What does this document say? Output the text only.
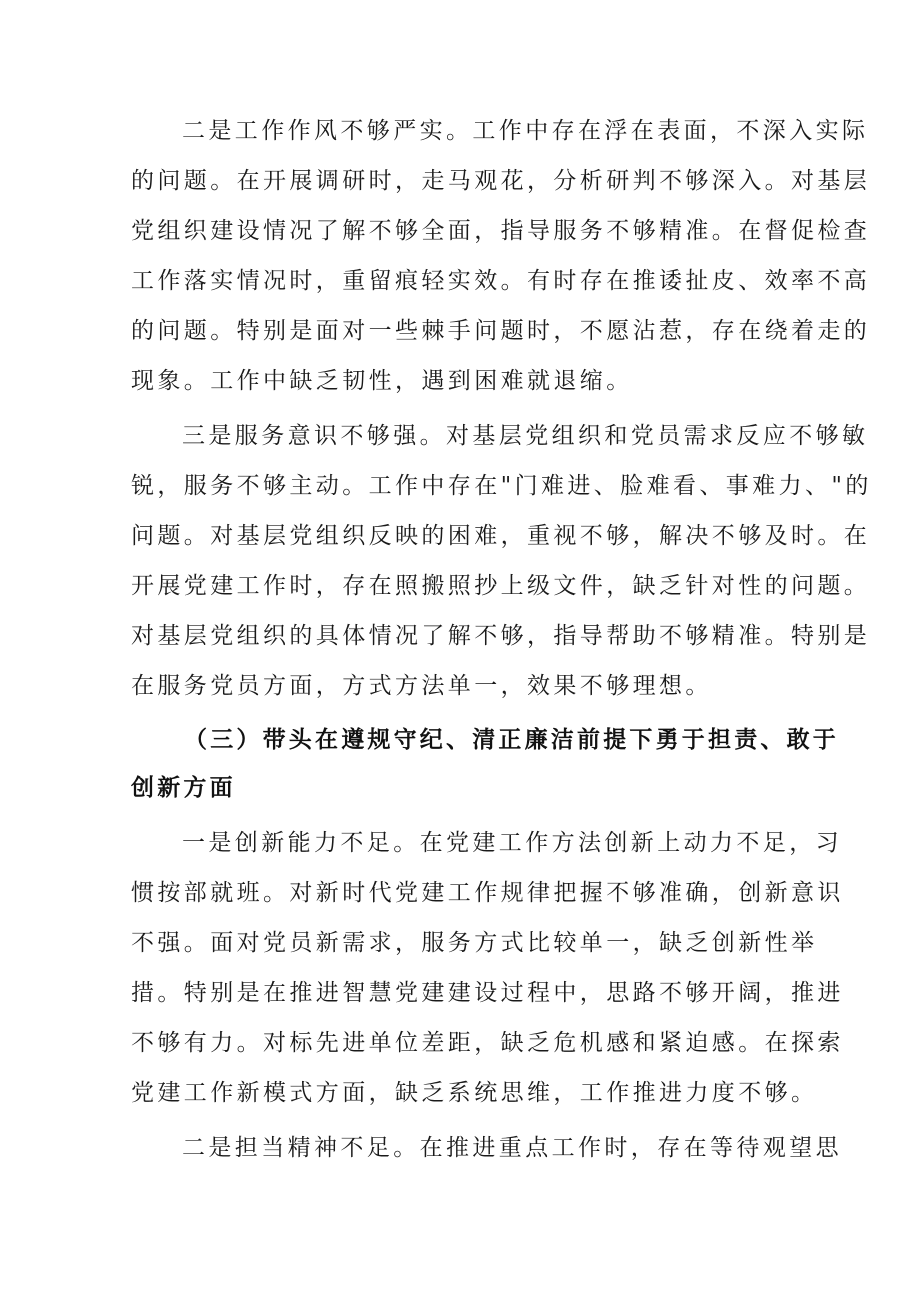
二是工作作风不够严实。工作中存在浮在表面，不深入实际
的问题。在开展调研时，走马观花，分析研判不够深入。对基层
党组织建设情况了解不够全面，指导服务不够精准。在督促检查
工作落实情况时，重留痕轻实效。有时存在推诿扯皮、效率不高
的问题。特别是面对一些棘手问题时，不愿沾惹，存在绕着走的
现象。工作中缺乏韧性，遇到困难就退缩。
三是服务意识不够强。对基层党组织和党员需求反应不够敏
锐，服务不够主动。工作中存在"门难进、脸难看、事难力、"的
问题。对基层党组织反映的困难，重视不够，解决不够及时。在
开展党建工作时，存在照搬照抄上级文件，缺乏针对性的问题。
对基层党组织的具体情况了解不够，指导帮助不够精准。特别是
在服务党员方面，方式方法单一，效果不够理想。
（三）带头在遵规守纪、清正廉洁前提下勇于担责、敢于
创新方面
一是创新能力不足。在党建工作方法创新上动力不足，习
惯按部就班。对新时代党建工作规律把握不够准确，创新意识
不强。面对党员新需求，服务方式比较单一，缺乏创新性举
措。特别是在推进智慧党建建设过程中，思路不够开阔，推进
不够有力。对标先进单位差距，缺乏危机感和紧迫感。在探索
党建工作新模式方面，缺乏系统思维，工作推进力度不够。
二是担当精神不足。在推进重点工作时，存在等待观望思
